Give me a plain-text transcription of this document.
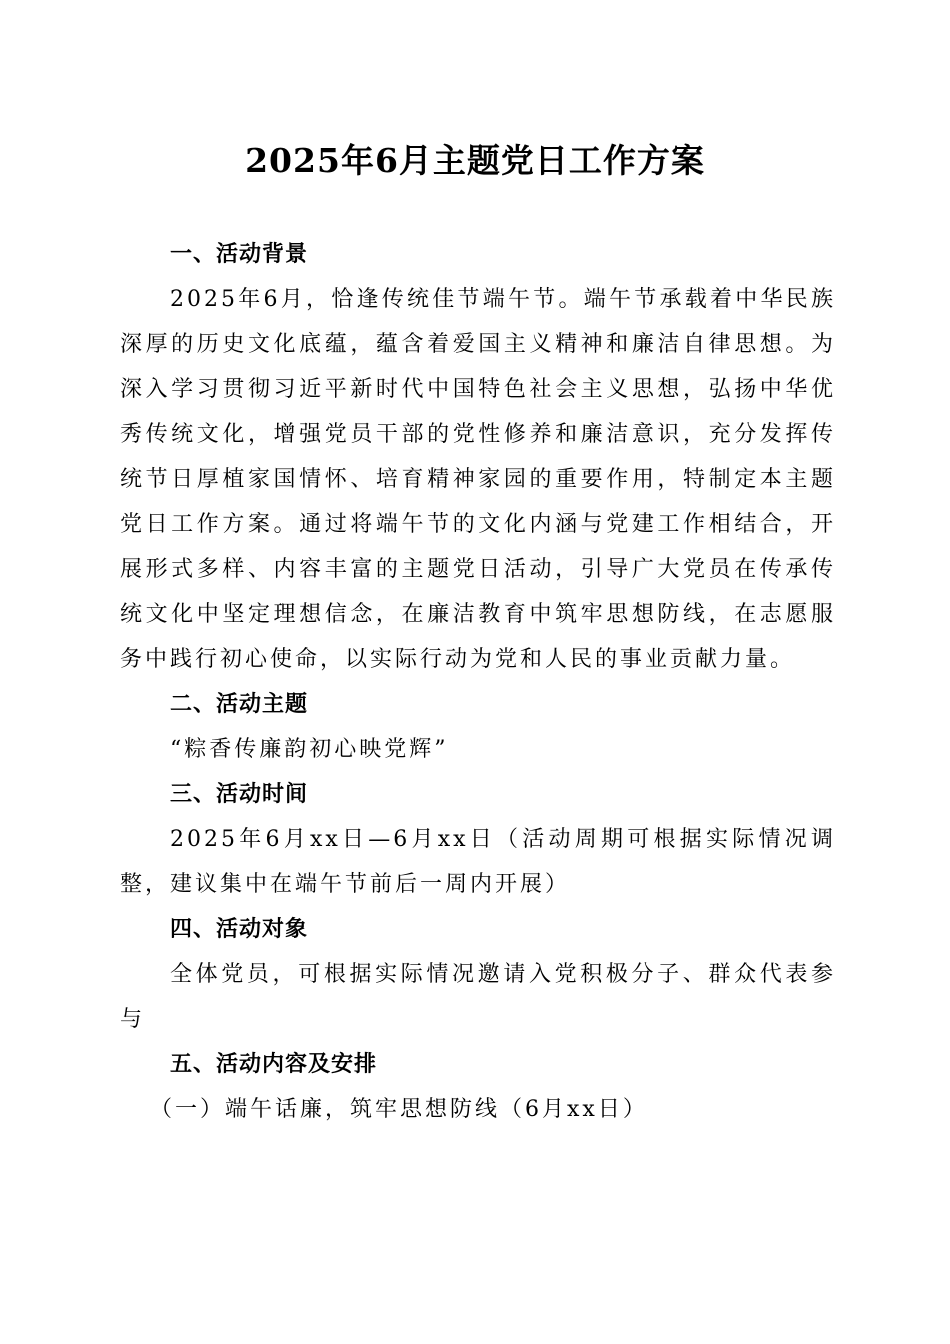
2025年6月主题党日工作方案

一、活动背景

2025年6月，恰逢传统佳节端午节。端午节承载着中华民族深厚的历史文化底蕴，蕴含着爱国主义精神和廉洁自律思想。为深入学习贯彻习近平新时代中国特色社会主义思想，弘扬中华优秀传统文化，增强党员干部的党性修养和廉洁意识，充分发挥传统节日厚植家国情怀、培育精神家园的重要作用，特制定本主题党日工作方案。通过将端午节的文化内涵与党建工作相结合，开展形式多样、内容丰富的主题党日活动，引导广大党员在传承传统文化中坚定理想信念，在廉洁教育中筑牢思想防线，在志愿服务中践行初心使命，以实际行动为党和人民的事业贡献力量。

二、活动主题

“粽香传廉韵初心映党辉”

三、活动时间

2025年6月xx日—6月xx日（活动周期可根据实际情况调整，建议集中在端午节前后一周内开展）

四、活动对象

全体党员，可根据实际情况邀请入党积极分子、群众代表参与

五、活动内容及安排

（一）端午话廉，筑牢思想防线（6月xx日）
